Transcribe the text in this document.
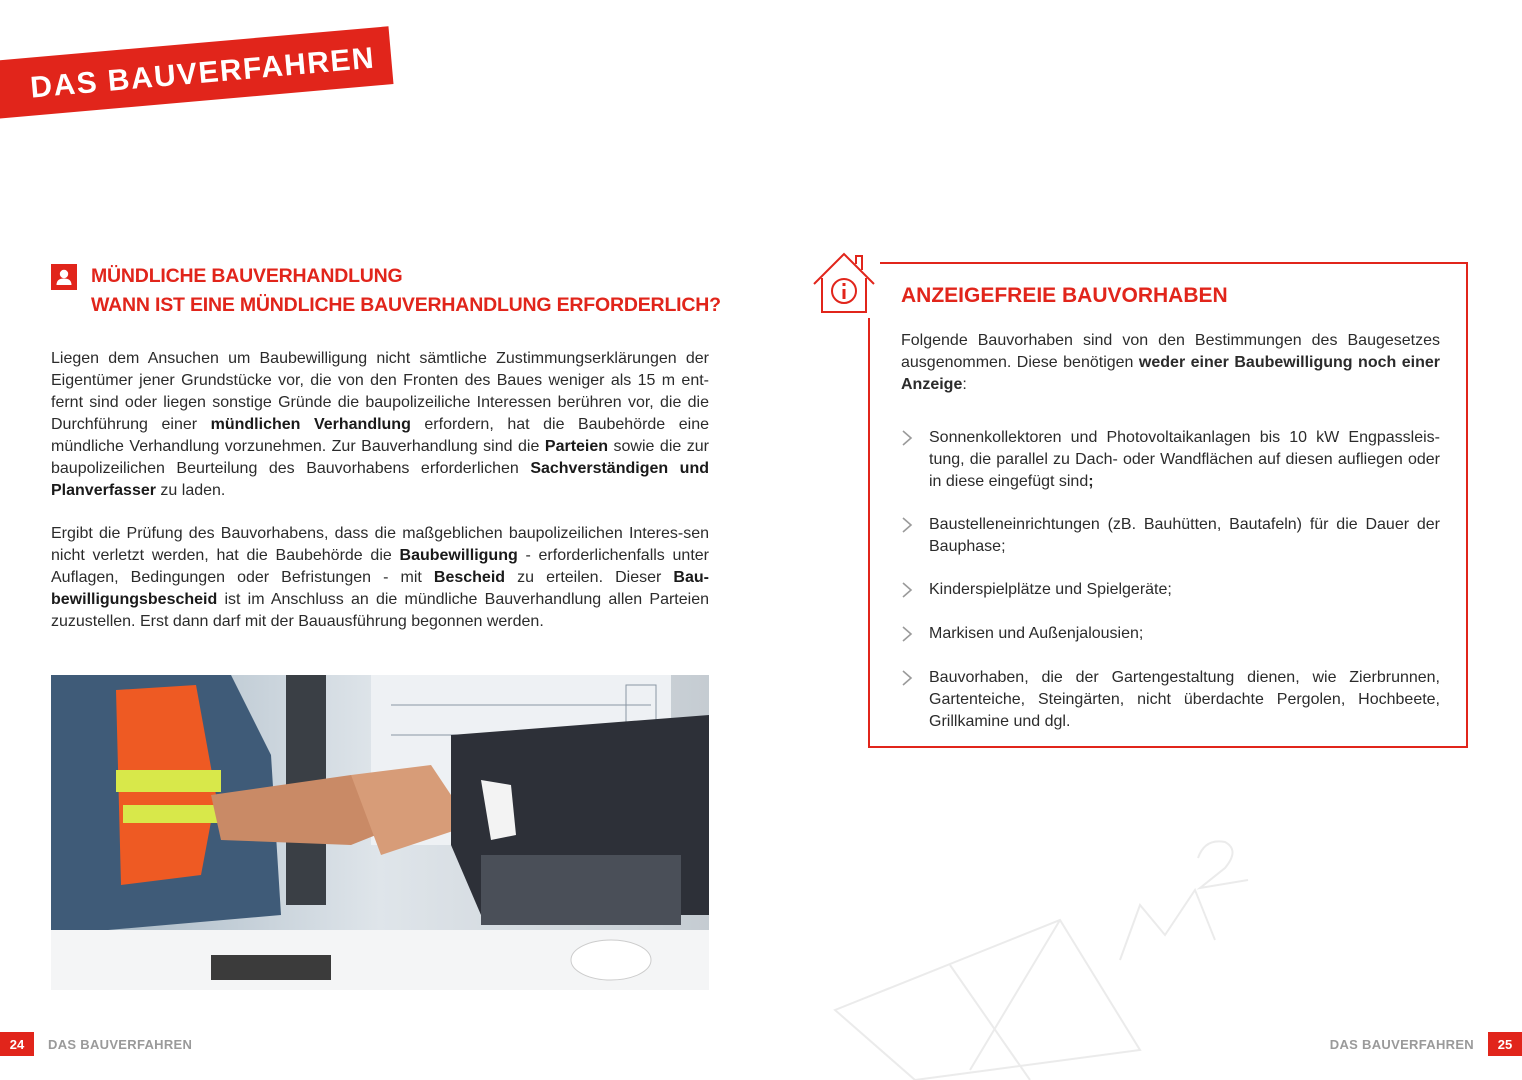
DAS BAUVERFAHREN
MÜNDLICHE BAUVERHANDLUNG
WANN IST EINE MÜNDLICHE BAUVERHANDLUNG ERFORDERLICH?
Liegen dem Ansuchen um Baubewilligung nicht sämtliche Zustimmungserklärungen der Eigentümer jener Grundstücke vor, die von den Fronten des Baues weniger als 15 m ent-fernt sind oder liegen sonstige Gründe die baupolizeiliche Interessen berühren vor, die die Durchführung einer mündlichen Verhandlung erfordern, hat die Baubehörde eine mündliche Verhandlung vorzunehmen. Zur Bauverhandlung sind die Parteien sowie die zur baupolizeilichen Beurteilung des Bauvorhabens erforderlichen Sachverständigen und Planverfasser zu laden.
Ergibt die Prüfung des Bauvorhabens, dass die maßgeblichen baupolizeilichen Interes-sen nicht verletzt werden, hat die Baubehörde die Baubewilligung - erforderlichenfalls unter Auflagen, Bedingungen oder Befristungen - mit Bescheid zu erteilen. Dieser Bau-bewilligungsbescheid ist im Anschluss an die mündliche Bauverhandlung allen Parteien zuzustellen. Erst dann darf mit der Bauausführung begonnen werden.
ANZEIGEFREIE BAUVORHABEN
Folgende Bauvorhaben sind von den Bestimmungen des Baugesetzes ausgenommen. Diese benötigen weder einer Baubewilligung noch einer Anzeige:
Sonnenkollektoren und Photovoltaikanlagen bis 10 kW Engpassleis-tung, die parallel zu Dach- oder Wandflächen auf diesen aufliegen oder in diese eingefügt sind;
Baustelleneinrichtungen (zB. Bauhütten, Bautafeln) für die Dauer der Bauphase;
Kinderspielplätze und Spielgeräte;
Markisen und Außenjalousien;
Bauvorhaben, die der Gartengestaltung dienen, wie Zierbrunnen, Gartenteiche, Steingärten, nicht überdachte Pergolen, Hochbeete, Grillkamine und dgl.
24	DAS BAUVERFAHREN	DAS BAUVERFAHREN	25
